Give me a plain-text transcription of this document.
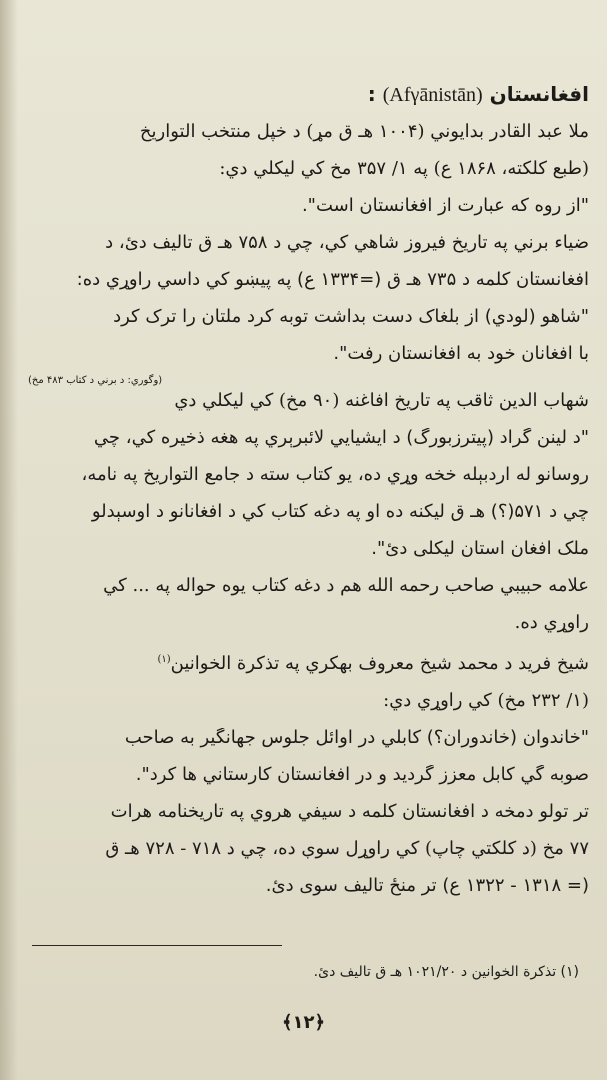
افغانستان (Afγānistān) :
ملا عبد القادر بدايوني (۱۰۰۴ هـ ق مړ) د خپل منتخب التواريخ
(طبع کلکته، ۱۸۶۸ ع) په ۱/ ۳۵۷ مخ کي ليکلي دي:
"از روه که عبارت از افغانستان است".
ضياء برني په تاريخ فيروز شاهي کي، چي د ۷۵۸ هـ ق تاليف دئ، د
افغانستان کلمه د ۷۳۵ هـ ق (=۱۳۳۴ ع) په پيښو کي داسي راوړي ده:
"شاهو (لودي) از بلغاک دست بداشت توبه کرد ملتان را ترک کرد
با افغانان خود به افغانستان رفت".
(وگوري: د برني د کتاب ۴۸۳ مخ)
شهاب الدين ثاقب په تاريخ افاغنه (۹۰ مخ) کي ليکلي دي
"د لينن گراد (پيترزبورگ) د ايشيايي لائبرېري په هغه ذخيره کي، چي
روسانو له اردبېله خخه وړي ده، يو کتاب سته د جامع التواريخ په نامه،
چي د ۵۷۱(؟) هـ ق ليکنه ده او په دغه کتاب کي د افغانانو د اوسېدلو
ملک افغان استان ليکلی دئ".
علامه حبيبي صاحب رحمه الله هم د دغه کتاب يوه حواله په ... کي
راوړي ده.
شيخ فريد د محمد شيخ معروف بهکري په تذکرة الخوانين$^{(۱)}$
(۱/ ۲۳۲ مخ) کي راوړي دي:
"خاندوان (خاندوران؟) کابلي در اوائل جلوس جهانگير به صاحب
صوبه گي کابل معزز گرديد و در افغانستان کارستاني ها کرد".
تر تولو دمخه د افغانستان کلمه د سيفي هروي په تاريخنامه هرات
۷۷ مخ (د کلکتي چاپ) کي راوړل سوې ده، چي د ۷۱۸ - ۷۲۸ هـ ق
(= ۱۳۱۸ - ۱۳۲۲ ع) تر منځ تاليف سوی دئ.
(۱) تذکرة الخوانين د ۱۰۲۱/۲۰ هـ ق تاليف دئ.
﴿۱۲﴾
